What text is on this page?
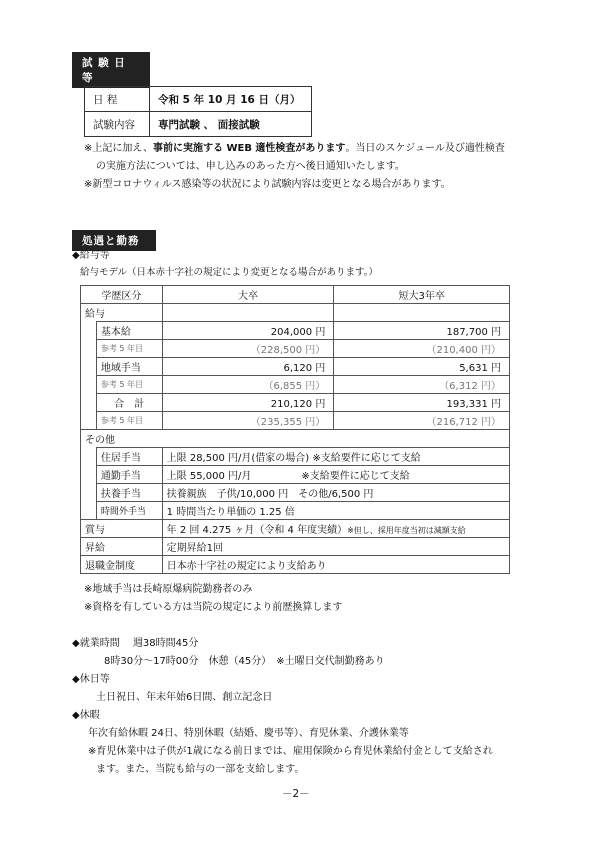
試 験 日 等
日 程	令和 5 年 10 月 16 日（月）
試験内容	専門試験 、 面接試験
※上記に加え、事前に実施する WEB 適性検査があります。当日のスケジュール及び適性検査
の実施方法については、申し込みのあった方へ後日通知いたします。
※新型コロナウィルス感染等の状況により試験内容は変更となる場合があります。
処遇と勤務
◆給与等
給与モデル（日本赤十字社の規定により変更となる場合があります。）
学歴区分		大卒	短大3年卒
給与			
	基本給	204,000 円	187,700 円
	参考 5 年目	（228,500 円）	（210,400 円）
	地域手当	6,120 円	5,631 円
	参考 5 年目	（6,855 円）	（6,312 円）
	合　計	210,120 円	193,331 円
	参考 5 年目	（235,355 円）	（216,712 円）
その他			
	住居手当	上限 28,500 円/月(借家の場合) ※支給要件に応じて支給	
	通勤手当	上限 55,000 円/月　　　　　※支給要件に応じて支給	
	扶養手当	扶養親族　子供/10,000 円　その他/6,500 円	
	時間外手当	1 時間当たり単価の 1.25 倍	
賞与		年 2 回 4.275 ヶ月（令和 4 年度実績）※但し、採用年度当初は減額支給	
昇給		定期昇給1回	
退職金制度		日本赤十字社の規定により支給あり	
※地域手当は長崎原爆病院勤務者のみ
※資格を有している方は当院の規定により前歴換算します
◆就業時間　 週38時間45分
8時30分～17時00分　休憩（45分）　※土曜日交代制勤務あり
◆休日等
土日祝日、年末年始6日間、創立記念日
◆休暇
年次有給休暇 24日、特別休暇（結婚、慶弔等）、育児休業、介護休業等
※育児休業中は子供が1歳になる前日までは、雇用保険から育児休業給付金として支給され
ます。また、当院も給与の一部を支給します。
－2－
